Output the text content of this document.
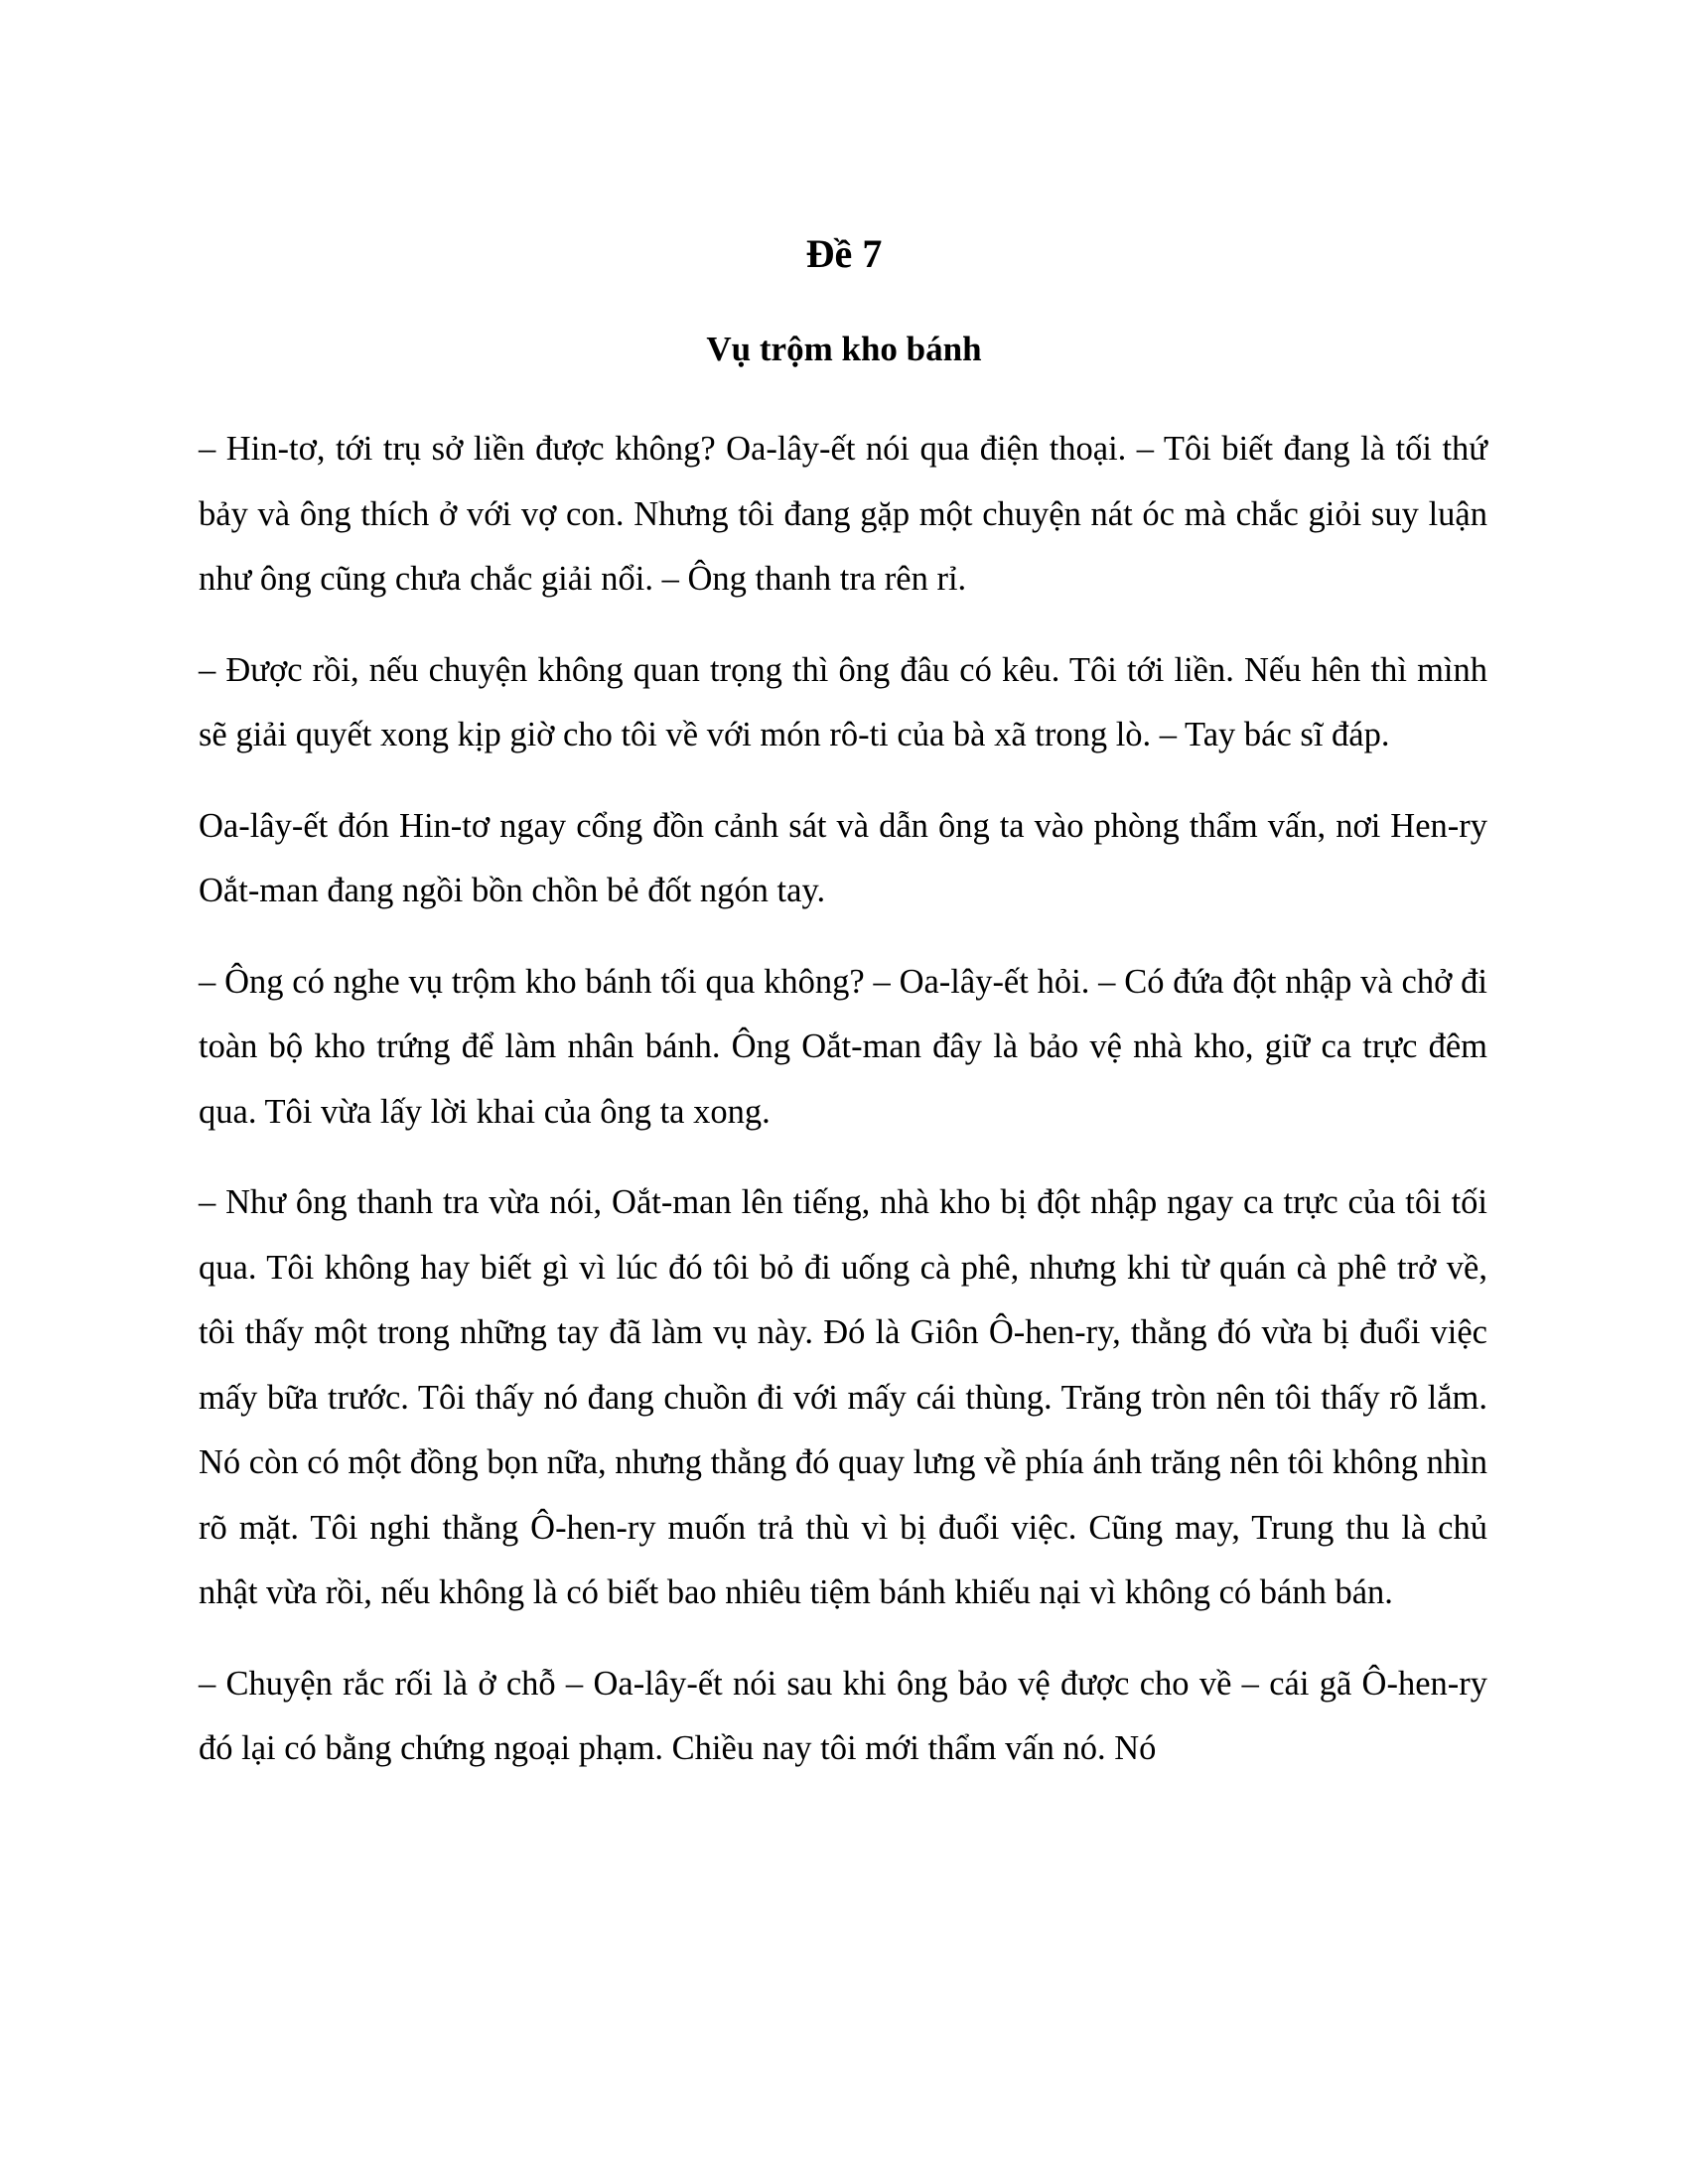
Đề 7
Vụ trộm kho bánh

– Hin-tơ, tới trụ sở liền được không? Oa-lây-ết nói qua điện thoại. – Tôi biết đang là tối thứ bảy và ông thích ở với vợ con. Nhưng tôi đang gặp một chuyện nát óc mà chắc giỏi suy luận như ông cũng chưa chắc giải nổi. – Ông thanh tra rên rỉ.

– Được rồi, nếu chuyện không quan trọng thì ông đâu có kêu. Tôi tới liền. Nếu hên thì mình sẽ giải quyết xong kịp giờ cho tôi về với món rô-ti của bà xã trong lò. – Tay bác sĩ đáp.

Oa-lây-ết đón Hin-tơ ngay cổng đồn cảnh sát và dẫn ông ta vào phòng thẩm vấn, nơi Hen-ry Oắt-man đang ngồi bồn chồn bẻ đốt ngón tay.

– Ông có nghe vụ trộm kho bánh tối qua không? – Oa-lây-ết hỏi. – Có đứa đột nhập và chở đi toàn bộ kho trứng để làm nhân bánh. Ông Oắt-man đây là bảo vệ nhà kho, giữ ca trực đêm qua. Tôi vừa lấy lời khai của ông ta xong.

– Như ông thanh tra vừa nói, Oắt-man lên tiếng, nhà kho bị đột nhập ngay ca trực của tôi tối qua. Tôi không hay biết gì vì lúc đó tôi bỏ đi uống cà phê, nhưng khi từ quán cà phê trở về, tôi thấy một trong những tay đã làm vụ này. Đó là Giôn Ô-hen-ry, thằng đó vừa bị đuổi việc mấy bữa trước. Tôi thấy nó đang chuồn đi với mấy cái thùng. Trăng tròn nên tôi thấy rõ lắm. Nó còn có một đồng bọn nữa, nhưng thằng đó quay lưng về phía ánh trăng nên tôi không nhìn rõ mặt. Tôi nghi thằng Ô-hen-ry muốn trả thù vì bị đuổi việc. Cũng may, Trung thu là chủ nhật vừa rồi, nếu không là có biết bao nhiêu tiệm bánh khiếu nại vì không có bánh bán.

– Chuyện rắc rối là ở chỗ – Oa-lây-ết nói sau khi ông bảo vệ được cho về – cái gã Ô-hen-ry đó lại có bằng chứng ngoại phạm. Chiều nay tôi mới thẩm vấn nó. Nó
